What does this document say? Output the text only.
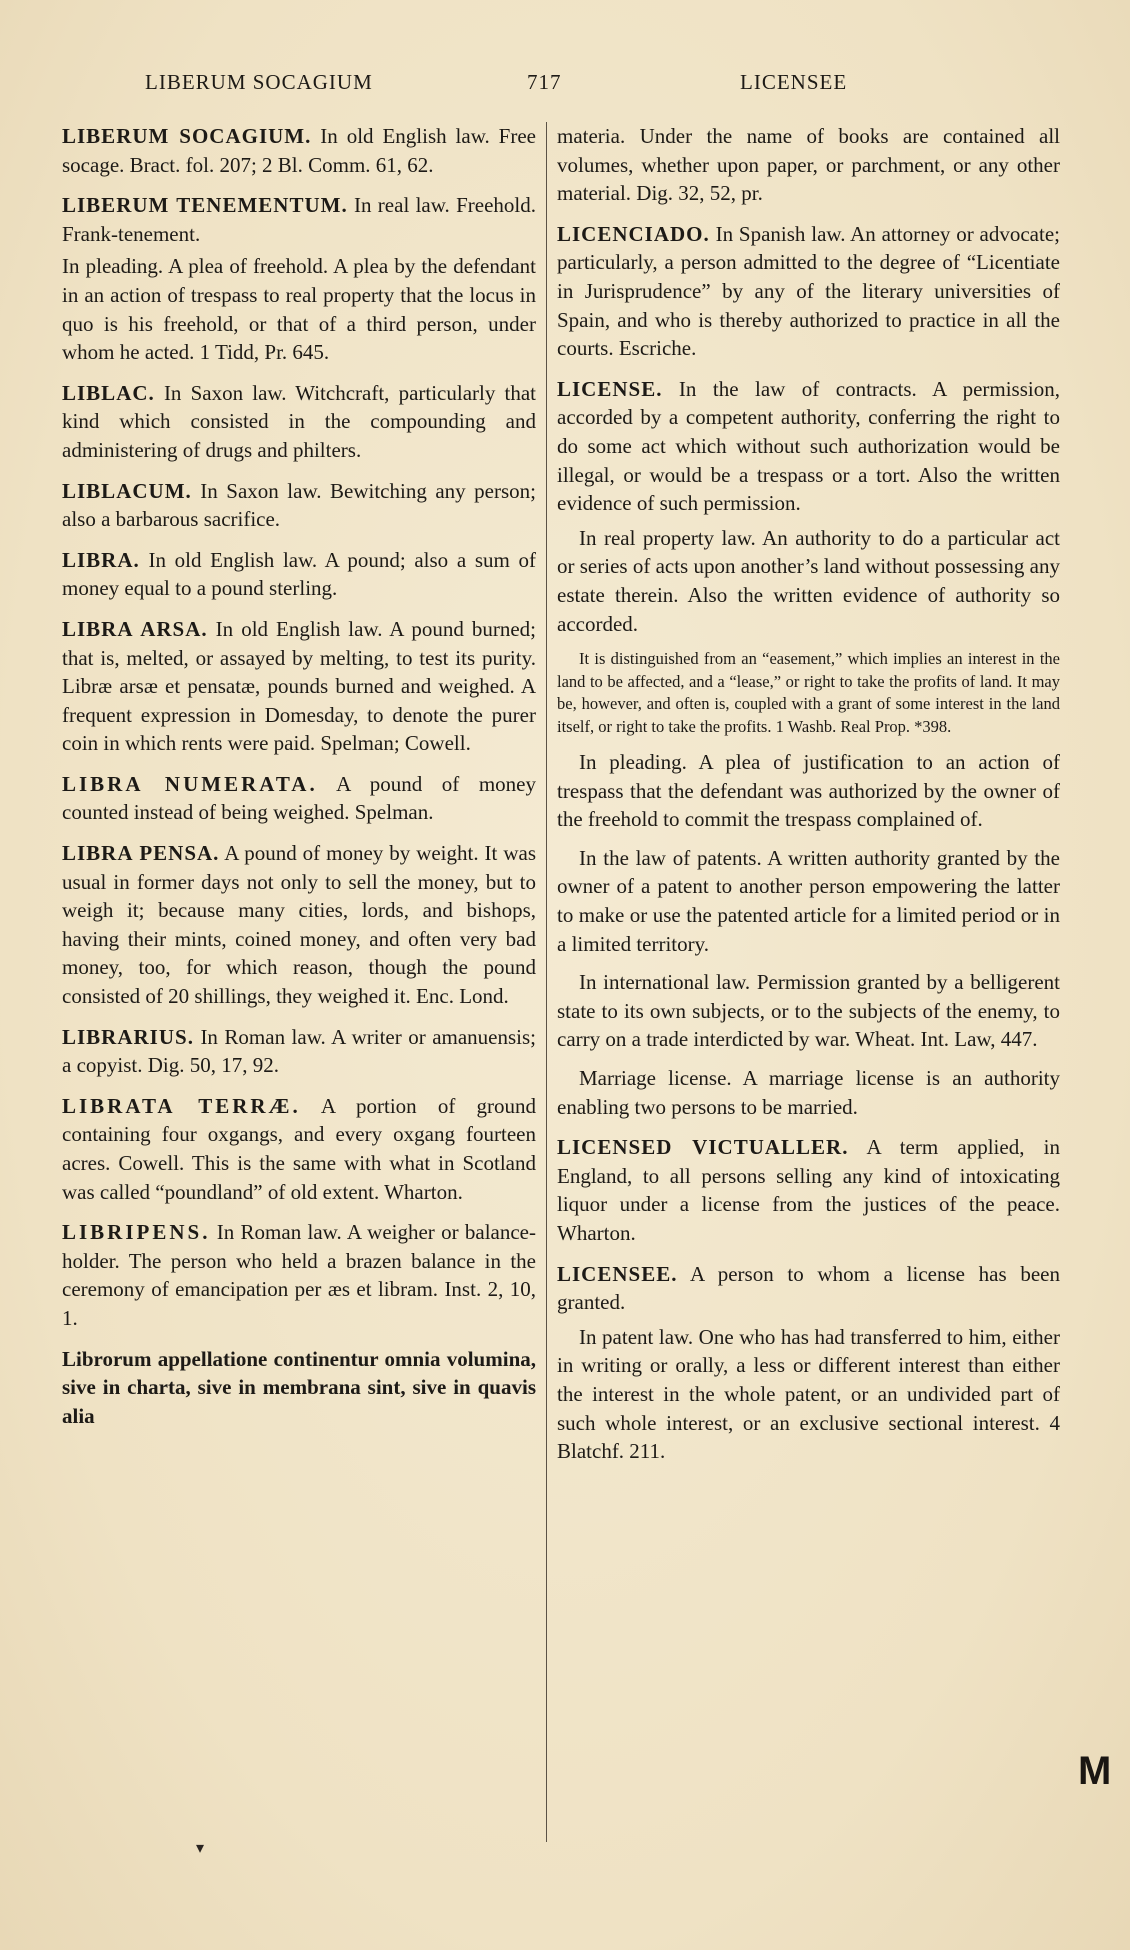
LIBERUM SOCAGIUM	717	LICENSEE

LIBERUM SOCAGIUM. In old English law. Free socage. Bract. fol. 207; 2 Bl. Comm. 61, 62.

LIBERUM TENEMENTUM. In real law. Freehold. Frank-tenement.

In pleading. A plea of freehold. A plea by the defendant in an action of trespass to real property that the locus in quo is his freehold, or that of a third person, under whom he acted. 1 Tidd, Pr. 645.

LIBLAC. In Saxon law. Witchcraft, particularly that kind which consisted in the compounding and administering of drugs and philters.

LIBLACUM. In Saxon law. Bewitching any person; also a barbarous sacrifice.

LIBRA. In old English law. A pound; also a sum of money equal to a pound sterling.

LIBRA ARSA. In old English law. A pound burned; that is, melted, or assayed by melting, to test its purity. Libræ arsæ et pensatæ, pounds burned and weighed. A frequent expression in Domesday, to denote the purer coin in which rents were paid. Spelman; Cowell.

LIBRA NUMERATA. A pound of money counted instead of being weighed. Spelman.

LIBRA PENSA. A pound of money by weight. It was usual in former days not only to sell the money, but to weigh it; because many cities, lords, and bishops, having their mints, coined money, and often very bad money, too, for which reason, though the pound consisted of 20 shillings, they weighed it. Enc. Lond.

LIBRARIUS. In Roman law. A writer or amanuensis; a copyist. Dig. 50, 17, 92.

LIBRATA TERRÆ. A portion of ground containing four oxgangs, and every oxgang fourteen acres. Cowell. This is the same with what in Scotland was called “poundland” of old extent. Wharton.

LIBRIPENS. In Roman law. A weigher or balance-holder. The person who held a brazen balance in the ceremony of emancipation per æs et libram. Inst. 2, 10, 1.

Librorum appellatione continentur omnia volumina, sive in charta, sive in membrana sint, sive in quavis alia

materia. Under the name of books are contained all volumes, whether upon paper, or parchment, or any other material. Dig. 32, 52, pr.

LICENCIADO. In Spanish law. An attorney or advocate; particularly, a person admitted to the degree of “Licentiate in Jurisprudence” by any of the literary universities of Spain, and who is thereby authorized to practice in all the courts. Escriche.

LICENSE. In the law of contracts. A permission, accorded by a competent authority, conferring the right to do some act which without such authorization would be illegal, or would be a trespass or a tort. Also the written evidence of such permission.

In real property law. An authority to do a particular act or series of acts upon another’s land without possessing any estate therein. Also the written evidence of authority so accorded.

It is distinguished from an “easement,” which implies an interest in the land to be affected, and a “lease,” or right to take the profits of land. It may be, however, and often is, coupled with a grant of some interest in the land itself, or right to take the profits. 1 Washb. Real Prop. *398.

In pleading. A plea of justification to an action of trespass that the defendant was authorized by the owner of the freehold to commit the trespass complained of.

In the law of patents. A written authority granted by the owner of a patent to another person empowering the latter to make or use the patented article for a limited period or in a limited territory.

In international law. Permission granted by a belligerent state to its own subjects, or to the subjects of the enemy, to carry on a trade interdicted by war. Wheat. Int. Law, 447.

Marriage license. A marriage license is an authority enabling two persons to be married.

LICENSED VICTUALLER. A term applied, in England, to all persons selling any kind of intoxicating liquor under a license from the justices of the peace. Wharton.

LICENSEE. A person to whom a license has been granted.

In patent law. One who has had transferred to him, either in writing or orally, a less or different interest than either the interest in the whole patent, or an undivided part of such whole interest, or an exclusive sectional interest. 4 Blatchf. 211.

M
▾
